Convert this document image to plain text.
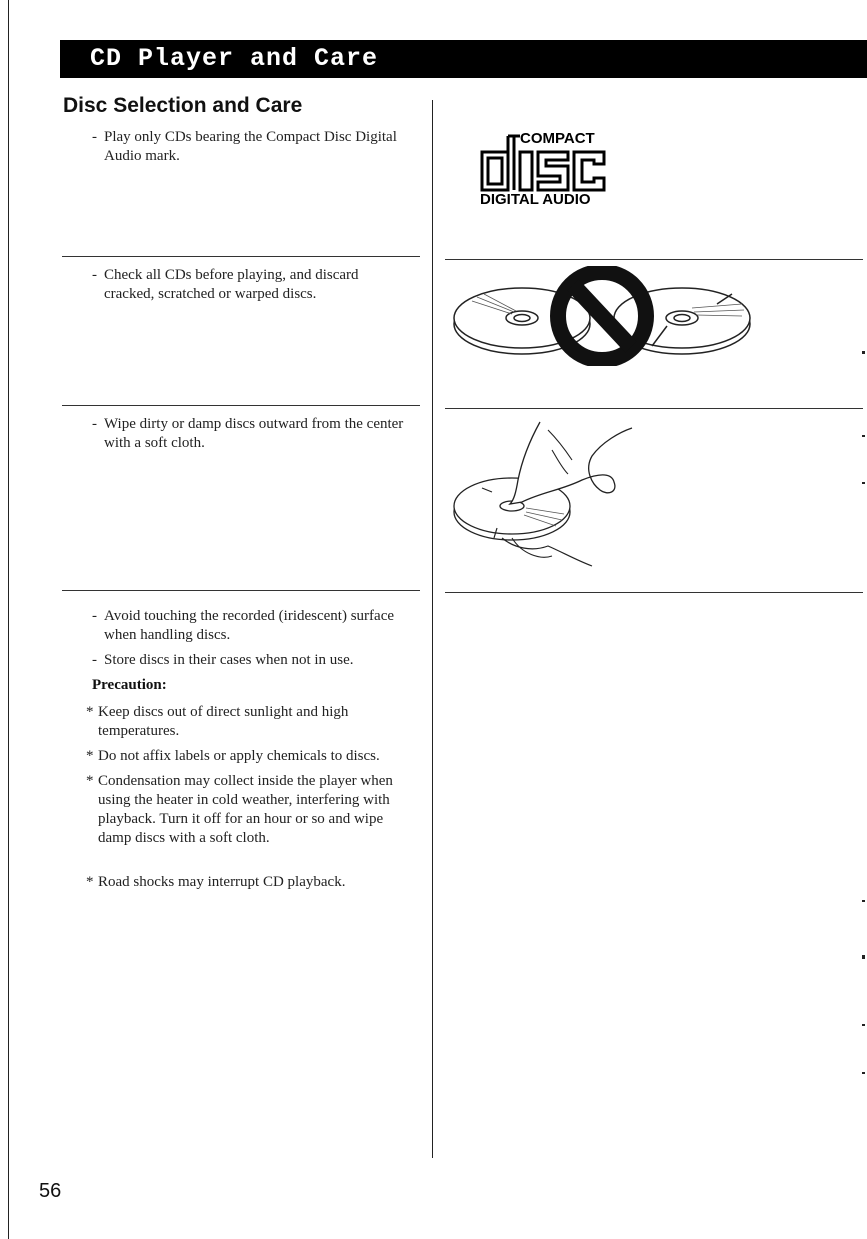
CD Player and Care
Disc Selection and Care
- Play only CDs bearing the Compact Disc Digital Audio mark.
- Check all CDs before playing, and discard cracked, scratched or warped discs.
- Wipe dirty or damp discs outward from the center with a soft cloth.
- Avoid touching the recorded (iridescent) surface when handling discs.
- Store discs in their cases when not in use.
Precaution:
* Keep discs out of direct sunlight and high temperatures.
* Do not affix labels or apply chemicals to discs.
* Condensation may collect inside the player when using the heater in cold weather, interfering with playback. Turn it off for an hour or so and wipe damp discs with a soft cloth.
* Road shocks may interrupt CD playback.
COMPACT
DIGITAL AUDIO
56
